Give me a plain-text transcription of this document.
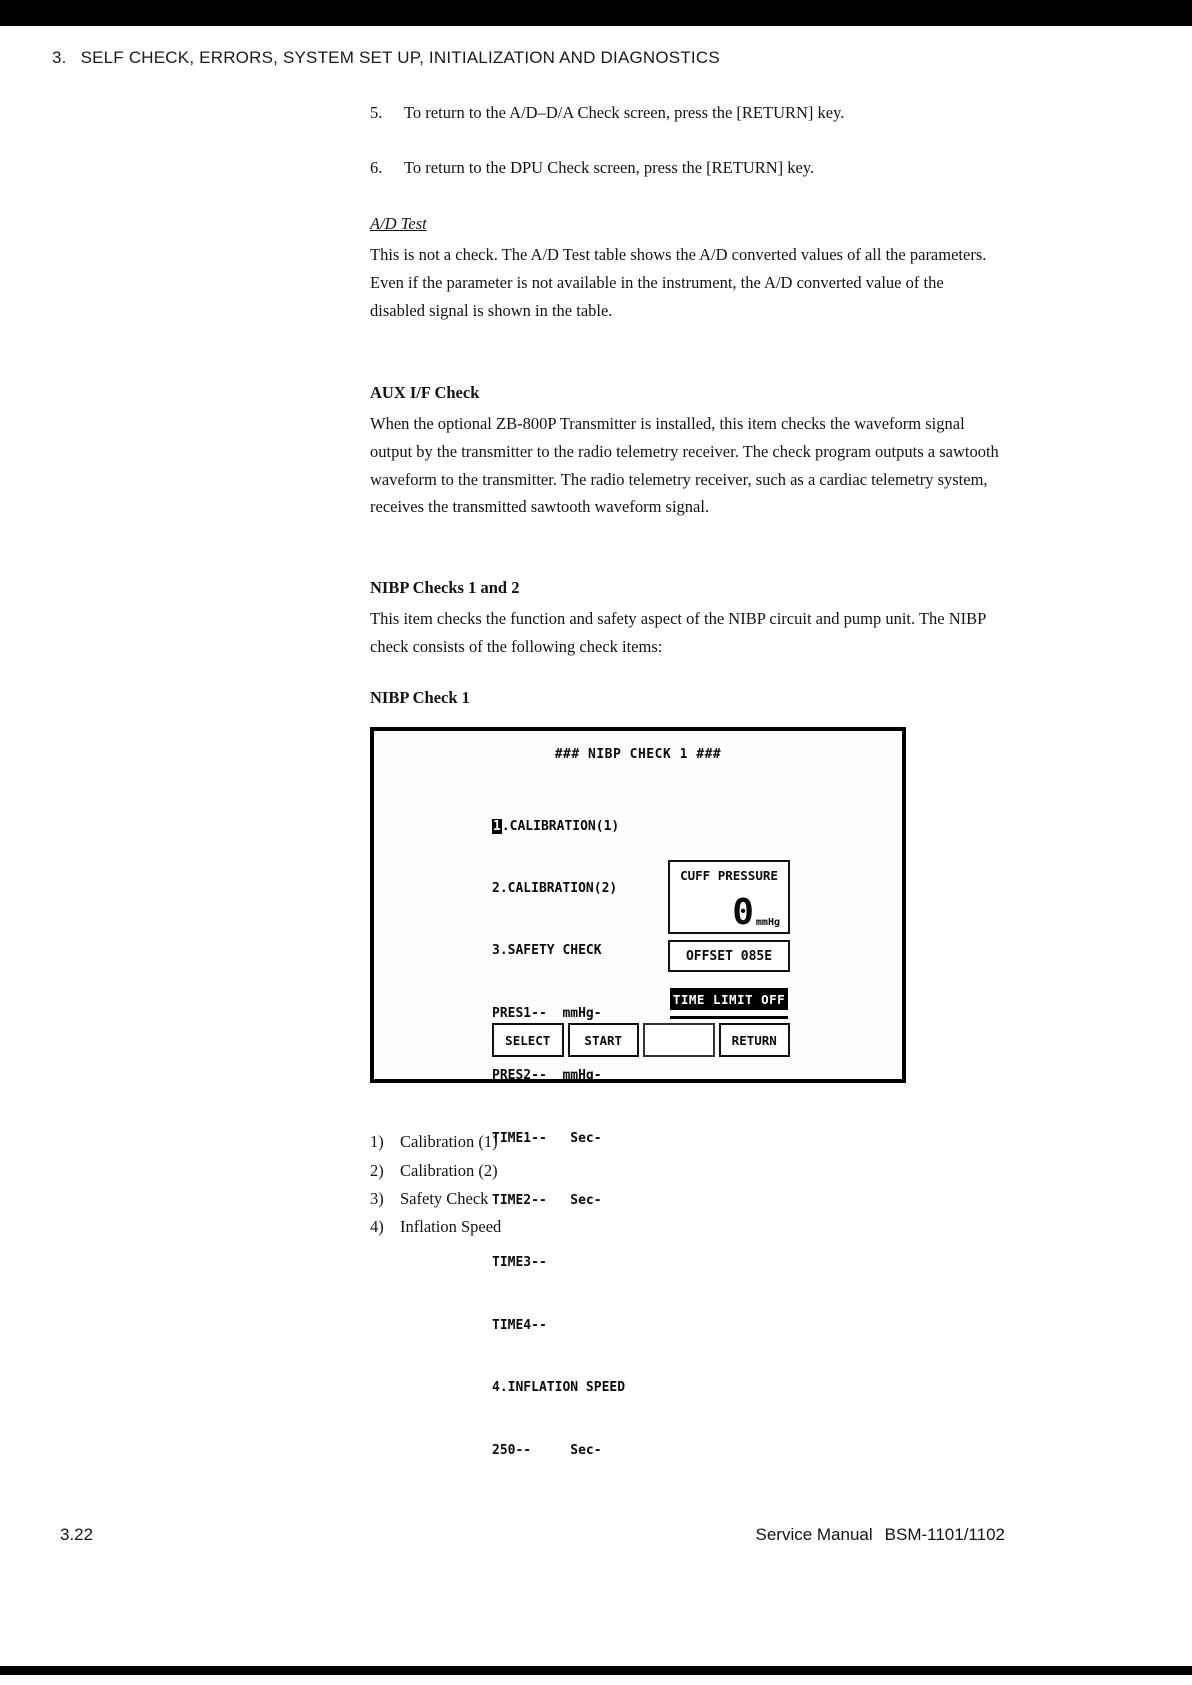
3. SELF CHECK, ERRORS, SYSTEM SET UP, INITIALIZATION AND DIAGNOSTICS
5.	To return to the A/D–D/A Check screen, press the [RETURN] key.
6.	To return to the DPU Check screen, press the [RETURN] key.
A/D Test
This is not a check. The A/D Test table shows the A/D converted values of all the parameters. Even if the parameter is not available in the instrument, the A/D converted value of the disabled signal is shown in the table.
AUX I/F Check
When the optional ZB-800P Transmitter is installed, this item checks the waveform signal output by the transmitter to the radio telemetry receiver. The check program outputs a sawtooth waveform to the transmitter. The radio telemetry receiver, such as a cardiac telemetry system, receives the transmitted sawtooth waveform signal.
NIBP Checks 1 and 2
This item checks the function and safety aspect of the NIBP circuit and pump unit. The NIBP check consists of the following check items:
NIBP Check 1
### NIBP CHECK 1 ###

1.CALIBRATION(1)

2.CALIBRATION(2)

3.SAFETY CHECK

PRES1--  mmHg-

PRES2--  mmHg-

TIME1--   Sec-

TIME2--   Sec-

TIME3--

TIME4--

4.INFLATION SPEED

250--     Sec-

CUFF PRESSURE
0 mmHg
OFFSET 085E
TIME LIMIT OFF
SELECT	START	RETURN
1) Calibration (1)
2) Calibration (2)
3) Safety Check
4) Inflation Speed
3.22	Service Manual BSM-1101/1102
